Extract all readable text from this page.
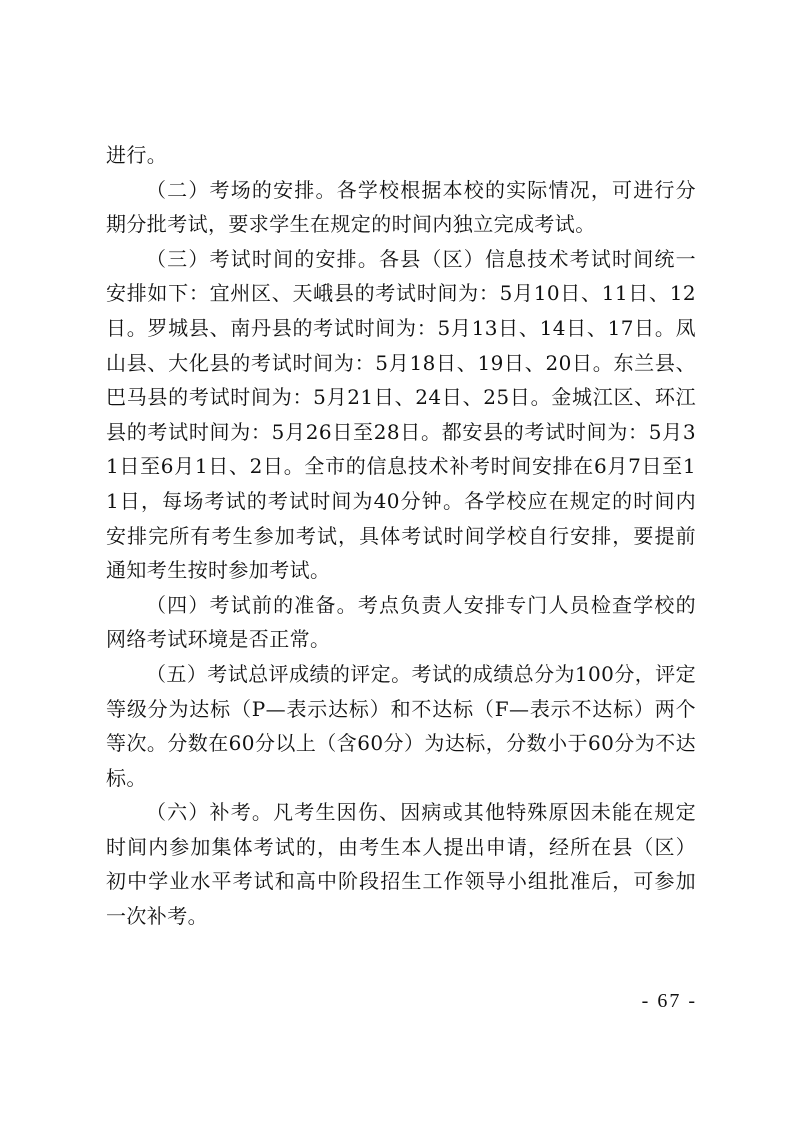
进行。

（二）考场的安排。各学校根据本校的实际情况，可进行分期分批考试，要求学生在规定的时间内独立完成考试。

（三）考试时间的安排。各县（区）信息技术考试时间统一安排如下：宜州区、天峨县的考试时间为：5月10日、11日、12日。罗城县、南丹县的考试时间为：5月13日、14日、17日。凤山县、大化县的考试时间为：5月18日、19日、20日。东兰县、巴马县的考试时间为：5月21日、24日、25日。金城江区、环江县的考试时间为：5月26日至28日。都安县的考试时间为：5月31日至6月1日、2日。全市的信息技术补考时间安排在6月7日至11日，每场考试的考试时间为40分钟。各学校应在规定的时间内安排完所有考生参加考试，具体考试时间学校自行安排，要提前通知考生按时参加考试。

（四）考试前的准备。考点负责人安排专门人员检查学校的网络考试环境是否正常。

（五）考试总评成绩的评定。考试的成绩总分为100分，评定等级分为达标（P—表示达标）和不达标（F—表示不达标）两个等次。分数在60分以上（含60分）为达标，分数小于60分为不达标。

（六）补考。凡考生因伤、因病或其他特殊原因未能在规定时间内参加集体考试的，由考生本人提出申请，经所在县（区）初中学业水平考试和高中阶段招生工作领导小组批准后，可参加一次补考。

- 67 -
